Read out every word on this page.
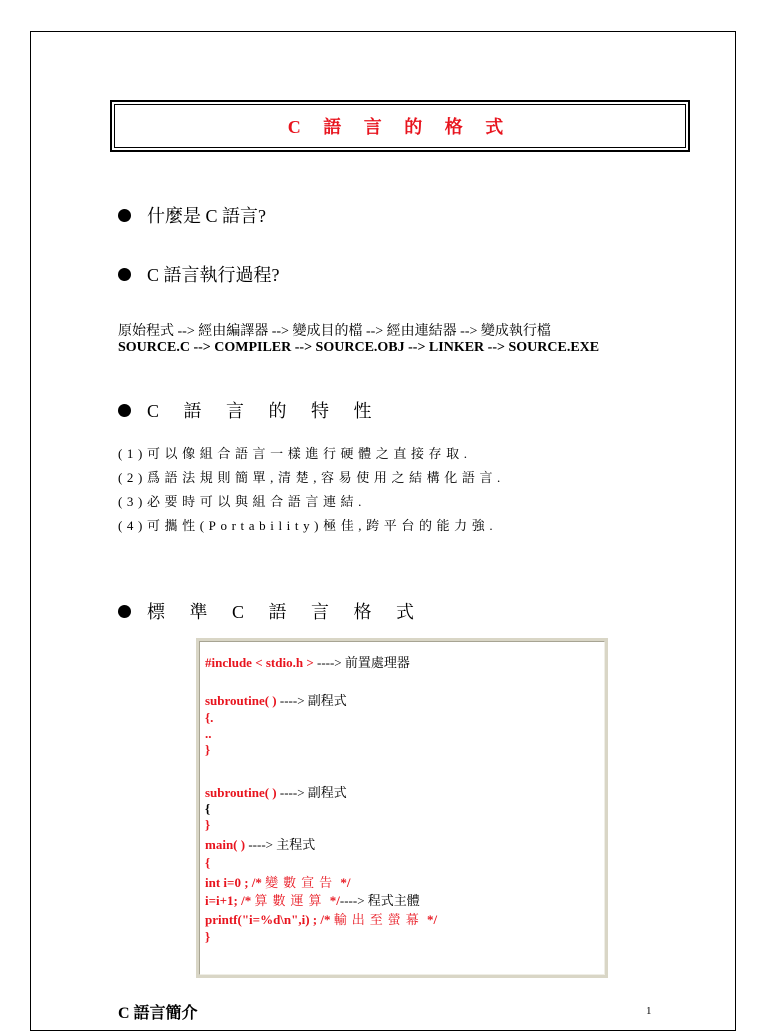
C 語 言 的 格 式
什麼是 C 語言?
C 語言執行過程?
原始程式 --> 經由編譯器 --> 變成目的檔 --> 經由連結器 --> 變成執行檔
SOURCE.C --> COMPILER --> SOURCE.OBJ --> LINKER --> SOURCE.EXE
C 語 言 的 特 性
(1)可以像組合語言一樣進行硬體之直接存取.
(2)爲語法規則簡單,清楚,容易使用之結構化語言.
(3)必要時可以與組合語言連結.
(4)可攜性(Portability)極佳,跨平台的能力強.
標 準 C 語 言 格 式
#include < stdio.h > ----> 前置處理器
subroutine( ) ----> 副程式
{.
..
}
subroutine( ) ----> 副程式
{
}
main( ) ----> 主程式
{
int i=0 ; /* 變數宣告 */
i=i+1; /* 算數運算 */----> 程式主體
printf("i=%d\n",i) ; /* 輸出至螢幕 */
}
C 語言簡介	1
